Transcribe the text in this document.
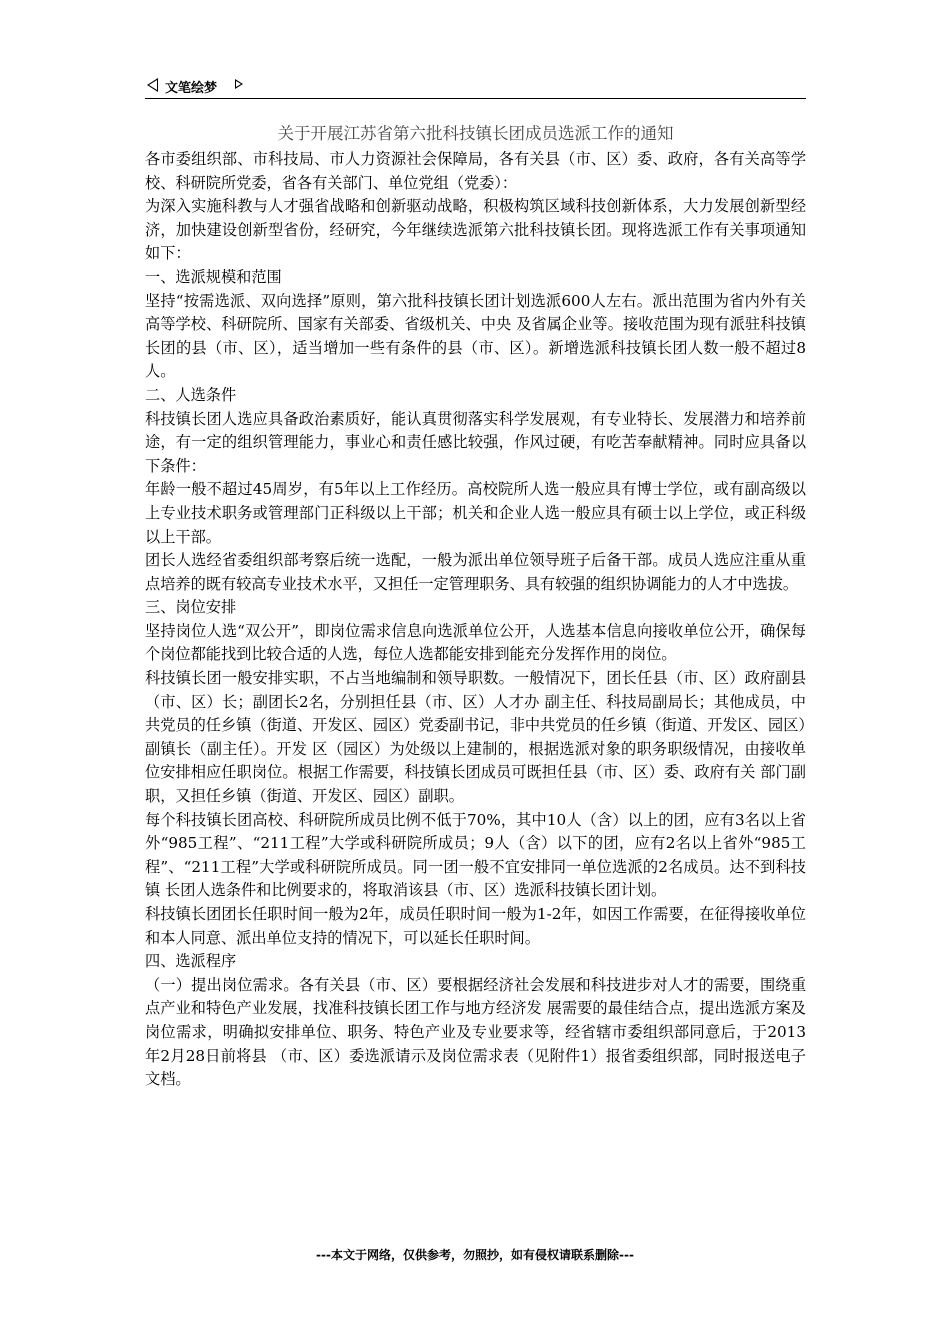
文笔绘梦
关于开展江苏省第六批科技镇长团成员选派工作的通知

各市委组织部、市科技局、市人力资源社会保障局，各有关县（市、区）委、政府，各有关高等学校、科研院所党委，省各有关部门、单位党组（党委）：

为深入实施科教与人才强省战略和创新驱动战略，积极构筑区域科技创新体系，大力发展创新型经济，加快建设创新型省份，经研究，今年继续选派第六批科技镇长团。现将选派工作有关事项通知如下：

一、选派规模和范围

坚持“按需选派、双向选择”原则，第六批科技镇长团计划选派600人左右。派出范围为省内外有关高等学校、科研院所、国家有关部委、省级机关、中央 及省属企业等。接收范围为现有派驻科技镇长团的县（市、区），适当增加一些有条件的县（市、区）。新增选派科技镇长团人数一般不超过8人。

二、人选条件

科技镇长团人选应具备政治素质好，能认真贯彻落实科学发展观，有专业特长、发展潜力和培养前途，有一定的组织管理能力，事业心和责任感比较强，作风过硬，有吃苦奉献精神。同时应具备以下条件：

年龄一般不超过45周岁，有5年以上工作经历。高校院所人选一般应具有博士学位，或有副高级以上专业技术职务或管理部门正科级以上干部；机关和企业人选一般应具有硕士以上学位，或正科级以上干部。

团长人选经省委组织部考察后统一选配，一般为派出单位领导班子后备干部。成员人选应注重从重点培养的既有较高专业技术水平，又担任一定管理职务、具有较强的组织协调能力的人才中选拔。

三、岗位安排

坚持岗位人选“双公开”，即岗位需求信息向选派单位公开，人选基本信息向接收单位公开，确保每个岗位都能找到比较合适的人选，每位人选都能安排到能充分发挥作用的岗位。

科技镇长团一般安排实职，不占当地编制和领导职数。一般情况下，团长任县（市、区）政府副县（市、区）长；副团长2名，分别担任县（市、区）人才办 副主任、科技局副局长；其他成员，中共党员的任乡镇（街道、开发区、园区）党委副书记，非中共党员的任乡镇（街道、开发区、园区）副镇长（副主任）。开发 区（园区）为处级以上建制的，根据选派对象的职务职级情况，由接收单位安排相应任职岗位。根据工作需要，科技镇长团成员可既担任县（市、区）委、政府有关 部门副职，又担任乡镇（街道、开发区、园区）副职。

每个科技镇长团高校、科研院所成员比例不低于70%，其中10人（含）以上的团，应有3名以上省外“985工程”、“211工程”大学或科研院所成员；9人（含）以下的团，应有2名以上省外“985工程”、“211工程”大学或科研院所成员。同一团一般不宜安排同一单位选派的2名成员。达不到科技镇 长团人选条件和比例要求的，将取消该县（市、区）选派科技镇长团计划。

科技镇长团团长任职时间一般为2年，成员任职时间一般为1-2年，如因工作需要，在征得接收单位和本人同意、派出单位支持的情况下，可以延长任职时间。

四、选派程序

（一）提出岗位需求。各有关县（市、区）要根据经济社会发展和科技进步对人才的需要，围绕重点产业和特色产业发展，找准科技镇长团工作与地方经济发 展需要的最佳结合点，提出选派方案及岗位需求，明确拟安排单位、职务、特色产业及专业要求等，经省辖市委组织部同意后，于2013年2月28日前将县 （市、区）委选派请示及岗位需求表（见附件1）报省委组织部，同时报送电子文档。

---本文于网络，仅供参考，勿照抄，如有侵权请联系删除---
